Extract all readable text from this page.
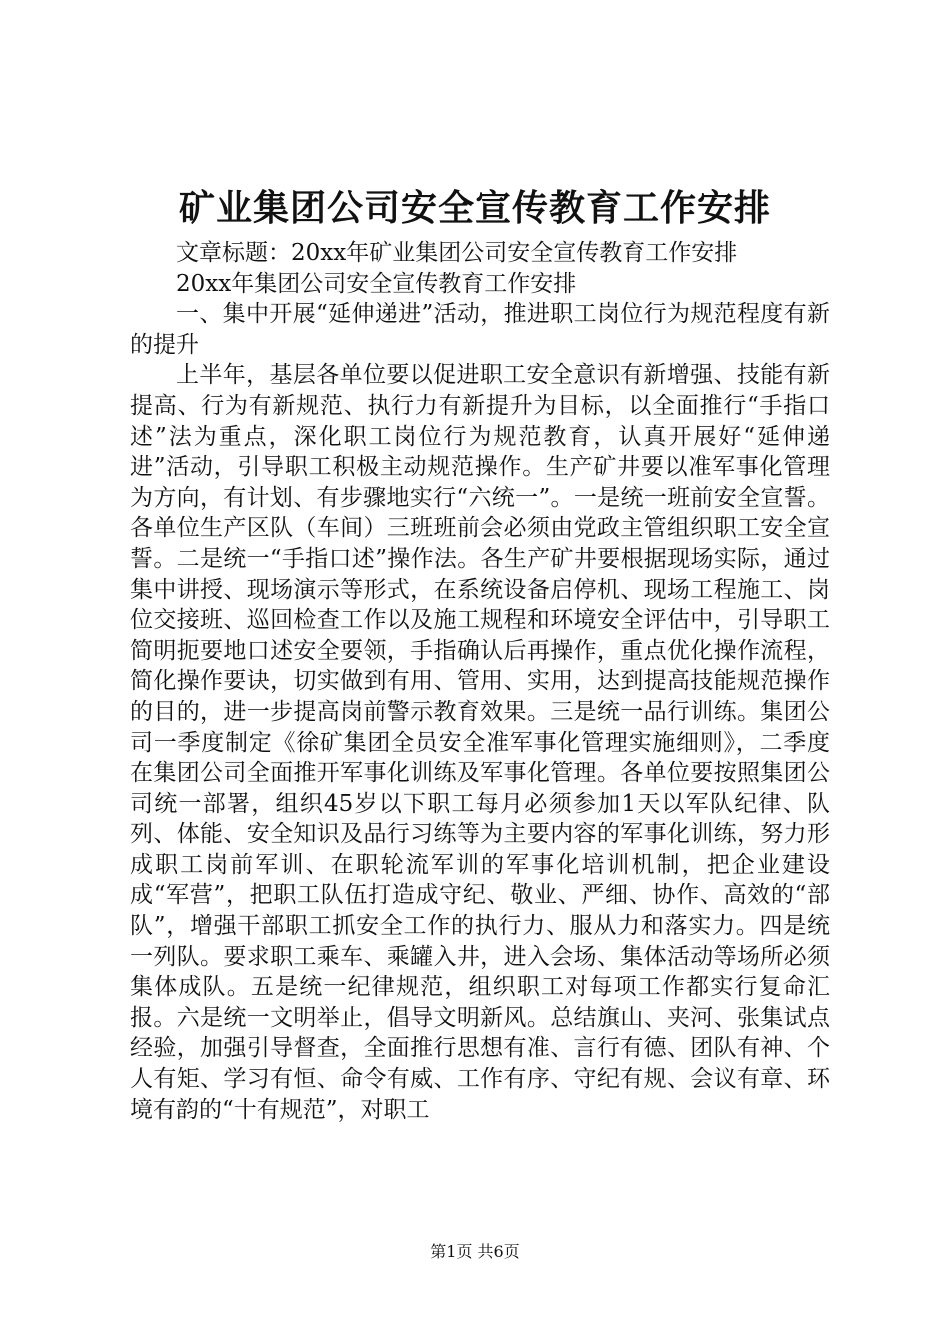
矿业集团公司安全宣传教育工作安排

文章标题：20xx年矿业集团公司安全宣传教育工作安排

20xx年集团公司安全宣传教育工作安排

一、集中开展“延伸递进”活动，推进职工岗位行为规范程度有新的提升

上半年，基层各单位要以促进职工安全意识有新增强、技能有新提高、行为有新规范、执行力有新提升为目标，以全面推行“手指口述”法为重点，深化职工岗位行为规范教育，认真开展好“延伸递进”活动，引导职工积极主动规范操作。生产矿井要以准军事化管理为方向，有计划、有步骤地实行“六统一”。一是统一班前安全宣誓。各单位生产区队（车间）三班班前会必须由党政主管组织职工安全宣誓。二是统一“手指口述”操作法。各生产矿井要根据现场实际，通过集中讲授、现场演示等形式，在系统设备启停机、现场工程施工、岗位交接班、巡回检查工作以及施工规程和环境安全评估中，引导职工简明扼要地口述安全要领，手指确认后再操作，重点优化操作流程，简化操作要诀，切实做到有用、管用、实用，达到提高技能规范操作的目的，进一步提高岗前警示教育效果。三是统一品行训练。集团公司一季度制定《徐矿集团全员安全准军事化管理实施细则》，二季度在集团公司全面推开军事化训练及军事化管理。各单位要按照集团公司统一部署，组织45岁以下职工每月必须参加1天以军队纪律、队列、体能、安全知识及品行习练等为主要内容的军事化训练，努力形成职工岗前军训、在职轮流军训的军事化培训机制，把企业建设成“军营”，把职工队伍打造成守纪、敬业、严细、协作、高效的“部队”，增强干部职工抓安全工作的执行力、服从力和落实力。四是统一列队。要求职工乘车、乘罐入井，进入会场、集体活动等场所必须集体成队。五是统一纪律规范，组织职工对每项工作都实行复命汇报。六是统一文明举止，倡导文明新风。总结旗山、夹河、张集试点经验，加强引导督查，全面推行思想有准、言行有德、团队有神、个人有矩、学习有恒、命令有威、工作有序、守纪有规、会议有章、环境有韵的“十有规范”，对职工

第1页 共6页
